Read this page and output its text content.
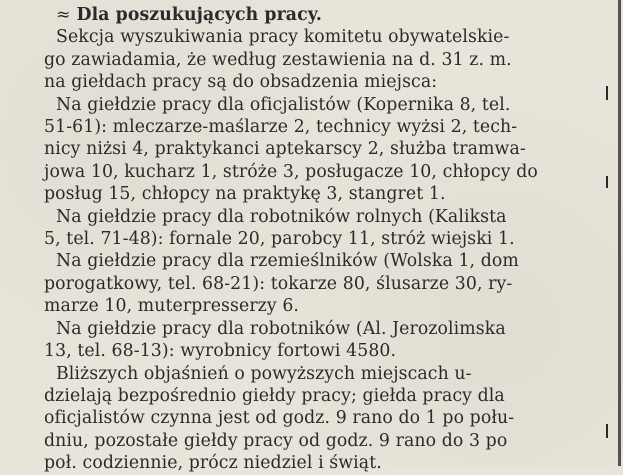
≈ Dla poszukujących pracy.

Sekcja wyszukiwania pracy komitetu obywatelskie-
go zawiadamia, że według zestawienia na d. 31 z. m.
na giełdach pracy są do obsadzenia miejsca:

Na giełdzie pracy dla oficjalistów (Kopernika 8, tel.
51-61): mleczarze-maślarze 2, technicy wyżsi 2, tech-
nicy niżsi 4, praktykanci aptekarscy 2, służba tramwa-
jowa 10, kucharz 1, stróże 3, posługacze 10, chłopcy do
posług 15, chłopcy na praktykę 3, stangret 1.

Na giełdzie pracy dla robotników rolnych (Kaliksta
5, tel. 71-48): fornale 20, parobcy 11, stróż wiejski 1.

Na giełdzie pracy dla rzemieślników (Wolska 1, dom
porogatkowy, tel. 68-21): tokarze 80, ślusarze 30, ry-
marze 10, muterpresserzy 6.

Na giełdzie pracy dla robotników (Al. Jerozolimska
13, tel. 68-13): wyrobnicy fortowi 4580.

Bliższych objaśnień o powyższych miejscach u-
dzielają bezpośrednio giełdy pracy; giełda pracy dla
oficjalistów czynna jest od godz. 9 rano do 1 po połu-
dniu, pozostałe giełdy pracy od godz. 9 rano do 3 po
poł. codziennie, prócz niedziel i świąt.
